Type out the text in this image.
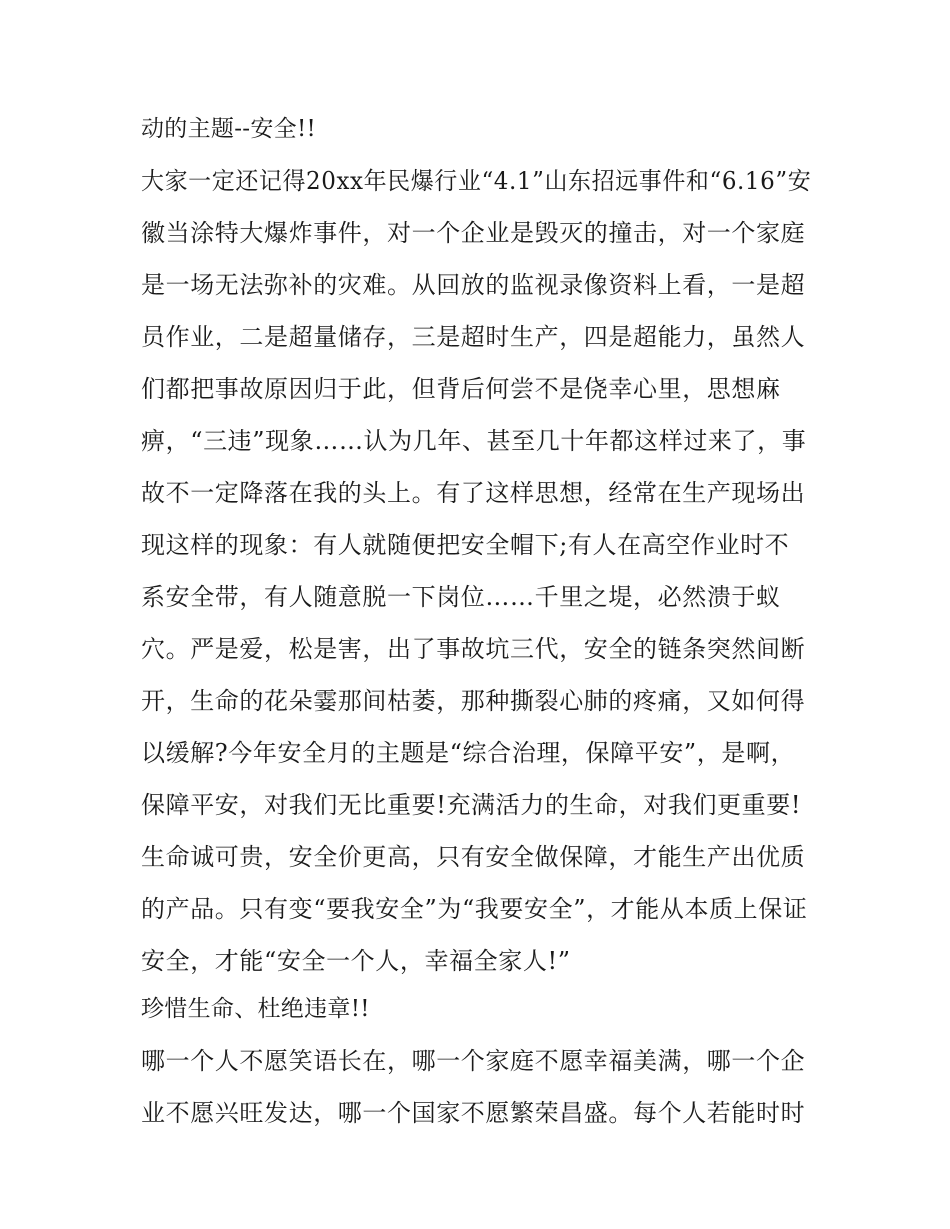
动的主题--安全!!
大家一定还记得20xx年民爆行业“4.1”山东招远事件和“6.16”安
徽当涂特大爆炸事件，对一个企业是毁灭的撞击，对一个家庭
是一场无法弥补的灾难。从回放的监视录像资料上看，一是超
员作业，二是超量储存，三是超时生产，四是超能力，虽然人
们都把事故原因归于此，但背后何尝不是侥幸心里，思想麻
痹，“三违”现象……认为几年、甚至几十年都这样过来了，事
故不一定降落在我的头上。有了这样思想，经常在生产现场出
现这样的现象：有人就随便把安全帽下;有人在高空作业时不
系安全带，有人随意脱一下岗位……千里之堤，必然溃于蚁
穴。严是爱，松是害，出了事故坑三代，安全的链条突然间断
开，生命的花朵霎那间枯萎，那种撕裂心肺的疼痛，又如何得
以缓解?今年安全月的主题是“综合治理，保障平安”，是啊，
保障平安，对我们无比重要!充满活力的生命，对我们更重要!
生命诚可贵，安全价更高，只有安全做保障，才能生产出优质
的产品。只有变“要我安全”为“我要安全”，才能从本质上保证
安全，才能“安全一个人，幸福全家人!”
珍惜生命、杜绝违章!!
哪一个人不愿笑语长在，哪一个家庭不愿幸福美满，哪一个企
业不愿兴旺发达，哪一个国家不愿繁荣昌盛。每个人若能时时
